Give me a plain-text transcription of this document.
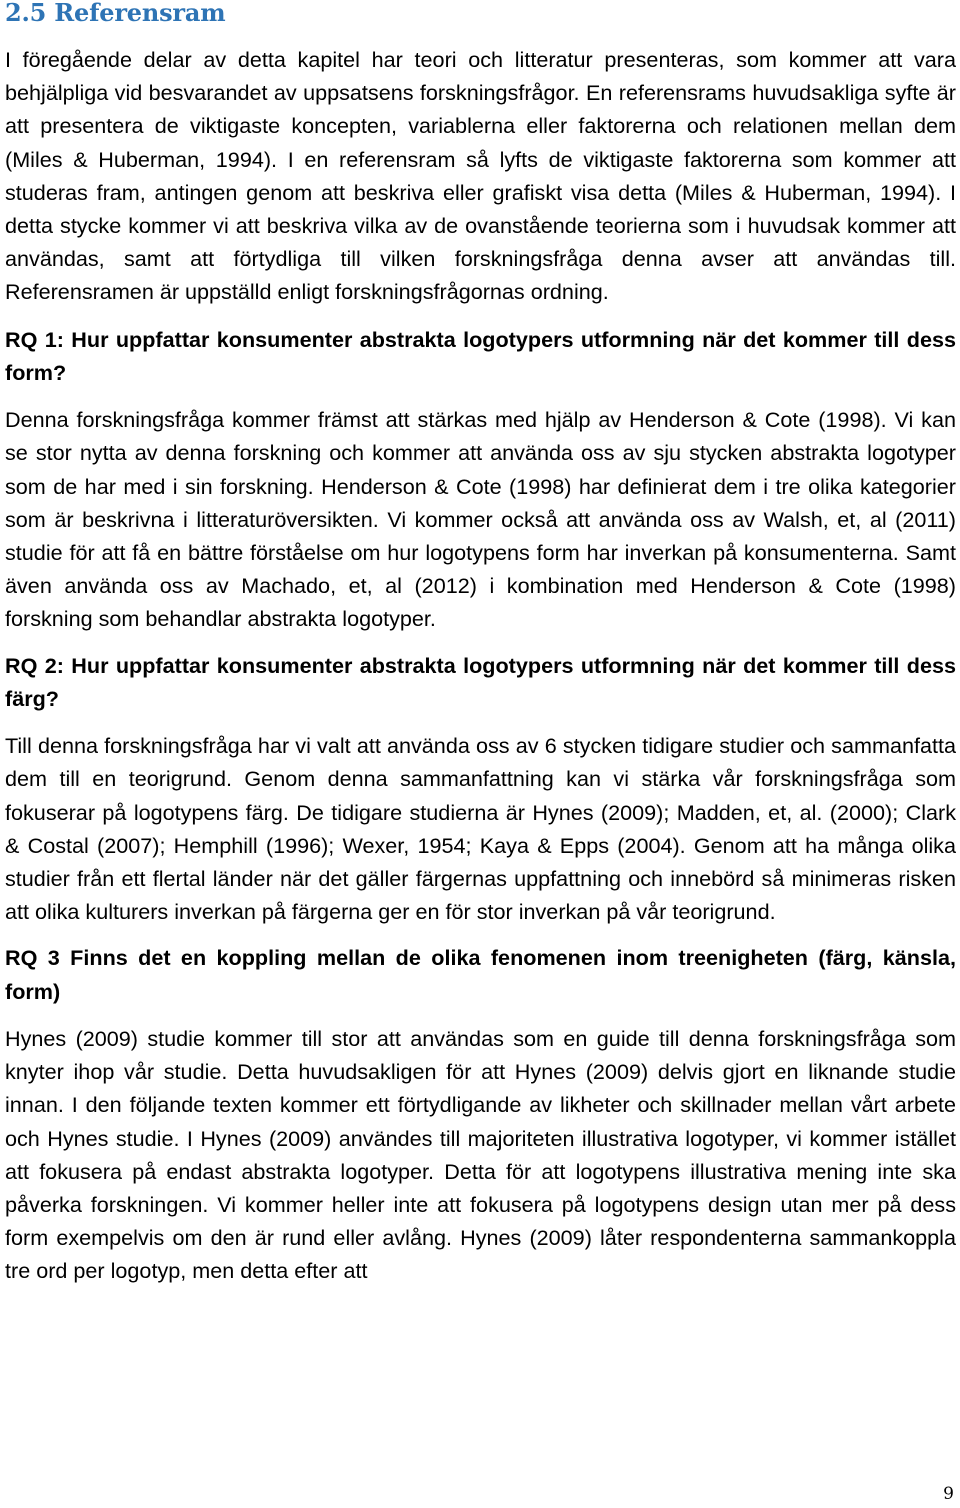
2.5 Referensram

I föregående delar av detta kapitel har teori och litteratur presenteras, som kommer att vara behjälpliga vid besvarandet av uppsatsens forskningsfrågor. En referensrams huvudsakliga syfte är att presentera de viktigaste koncepten, variablerna eller faktorerna och relationen mellan dem (Miles & Huberman, 1994). I en referensram så lyfts de viktigaste faktorerna som kommer att studeras fram, antingen genom att beskriva eller grafiskt visa detta (Miles & Huberman, 1994). I detta stycke kommer vi att beskriva vilka av de ovanstående teorierna som i huvudsak kommer att användas, samt att förtydliga till vilken forskningsfråga denna avser att användas till. Referensramen är uppställd enligt forskningsfrågornas ordning.

RQ 1: Hur uppfattar konsumenter abstrakta logotypers utformning när det kommer till dess form?

Denna forskningsfråga kommer främst att stärkas med hjälp av Henderson & Cote (1998). Vi kan se stor nytta av denna forskning och kommer att använda oss av sju stycken abstrakta logotyper som de har med i sin forskning. Henderson & Cote (1998) har definierat dem i tre olika kategorier som är beskrivna i litteraturöversikten. Vi kommer också att använda oss av Walsh, et, al (2011) studie för att få en bättre förståelse om hur logotypens form har inverkan på konsumenterna. Samt även använda oss av Machado, et, al (2012) i kombination med Henderson & Cote (1998) forskning som behandlar abstrakta logotyper.

RQ 2: Hur uppfattar konsumenter abstrakta logotypers utformning när det kommer till dess färg?

Till denna forskningsfråga har vi valt att använda oss av 6 stycken tidigare studier och sammanfatta dem till en teorigrund. Genom denna sammanfattning kan vi stärka vår forskningsfråga som fokuserar på logotypens färg. De tidigare studierna är Hynes (2009); Madden, et, al. (2000); Clark & Costal (2007); Hemphill (1996); Wexer, 1954; Kaya & Epps (2004). Genom att ha många olika studier från ett flertal länder när det gäller färgernas uppfattning och innebörd så minimeras risken att olika kulturers inverkan på färgerna ger en för stor inverkan på vår teorigrund.

RQ 3 Finns det en koppling mellan de olika fenomenen inom treenigheten (färg, känsla, form)

Hynes (2009) studie kommer till stor att användas som en guide till denna forskningsfråga som knyter ihop vår studie. Detta huvudsakligen för att Hynes (2009) delvis gjort en liknande studie innan. I den följande texten kommer ett förtydligande av likheter och skillnader mellan vårt arbete och Hynes studie. I Hynes (2009) användes till majoriteten illustrativa logotyper, vi kommer istället att fokusera på endast abstrakta logotyper. Detta för att logotypens illustrativa mening inte ska påverka forskningen. Vi kommer heller inte att fokusera på logotypens design utan mer på dess form exempelvis om den är rund eller avlång. Hynes (2009) låter respondenterna sammankoppla tre ord per logotyp, men detta efter att

9
